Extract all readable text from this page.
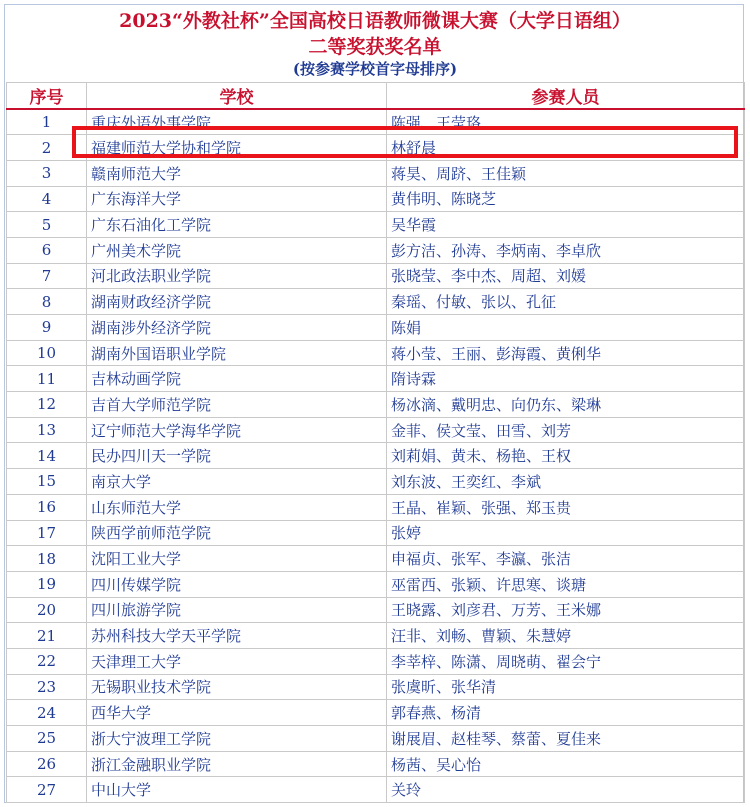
2023“外教社杯”全国高校日语教师微课大赛（大学日语组）
二等奖获奖名单
(按参赛学校首字母排序)
序号	学校	参赛人员
1	重庆外语外事学院	陈强、王莹珞
2	福建师范大学协和学院	林舒晨
3	赣南师范大学	蒋昊、周跻、王佳颖
4	广东海洋大学	黄伟明、陈晓芝
5	广东石油化工学院	吴华霞
6	广州美术学院	彭方洁、孙涛、李炳南、李卓欣
7	河北政法职业学院	张晓莹、李中杰、周超、刘媛
8	湖南财政经济学院	秦瑶、付敏、张以、孔征
9	湖南涉外经济学院	陈娟
10	湖南外国语职业学院	蒋小莹、王丽、彭海霞、黄俐华
11	吉林动画学院	隋诗霖
12	吉首大学师范学院	杨冰滴、戴明忠、向仍东、梁琳
13	辽宁师范大学海华学院	金菲、侯文莹、田雪、刘芳
14	民办四川天一学院	刘莉娟、黄未、杨艳、王权
15	南京大学	刘东波、王奕红、李斌
16	山东师范大学	王晶、崔颖、张强、郑玉贵
17	陕西学前师范学院	张婷
18	沈阳工业大学	申福贞、张军、李瀛、张洁
19	四川传媒学院	巫雷西、张颖、许思寒、谈瑭
20	四川旅游学院	王晓露、刘彦君、万芳、王米娜
21	苏州科技大学天平学院	汪非、刘畅、曹颖、朱慧婷
22	天津理工大学	李莘梓、陈潇、周晓萌、翟会宁
23	无锡职业技术学院	张虞昕、张华清
24	西华大学	郭春燕、杨清
25	浙大宁波理工学院	谢展眉、赵桂琴、蔡蕾、夏佳来
26	浙江金融职业学院	杨茜、吴心怡
27	中山大学	关玲
